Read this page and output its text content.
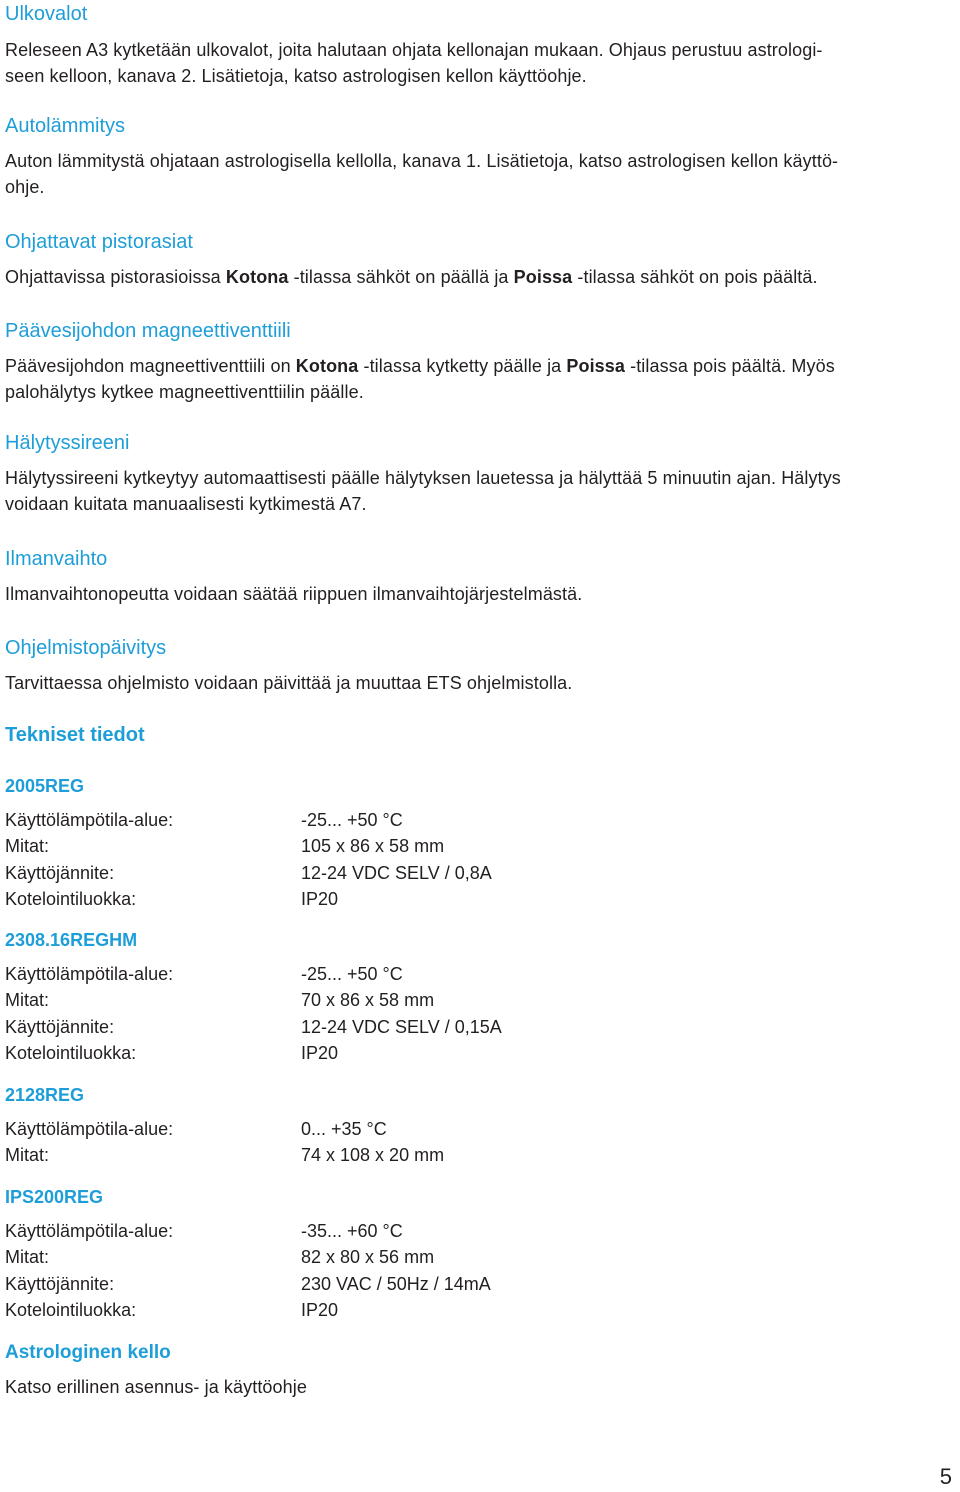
Ulkovalot

Releseen A3 kytketään ulkovalot, joita halutaan ohjata kellonajan mukaan. Ohjaus perustuu astrologi-

seen kelloon, kanava 2. Lisätietoja, katso astrologisen kellon käyttöohje.

Autolämmitys

Auton lämmitystä ohjataan astrologisella kellolla, kanava 1. Lisätietoja, katso astrologisen kellon käyttö-

ohje.

Ohjattavat pistorasiat

Ohjattavissa pistorasioissa Kotona -tilassa sähköt on päällä ja Poissa -tilassa sähköt on pois päältä.

Päävesijohdon magneettiventtiili

Päävesijohdon magneettiventtiili on Kotona -tilassa kytketty päälle ja Poissa -tilassa pois päältä. Myös

palohälytys kytkee magneettiventtiilin päälle.

Hälytyssireeni

Hälytyssireeni kytkeytyy automaattisesti päälle hälytyksen lauetessa ja hälyttää 5 minuutin ajan. Hälytys

voidaan kuitata manuaalisesti kytkimestä A7.

Ilmanvaihto

Ilmanvaihtonopeutta voidaan säätää riippuen ilmanvaihtojärjestelmästä.

Ohjelmistopäivitys

Tarvittaessa ohjelmisto voidaan päivittää ja muuttaa ETS ohjelmistolla.

Tekniset tiedot

2005REG

Käyttölämpötila-alue:	-25... +50 °C
Mitat:	105 x 86 x 58 mm
Käyttöjännite:	12-24 VDC SELV / 0,8A
Kotelointiluokka:	IP20

2308.16REGHM

Käyttölämpötila-alue:	-25... +50 °C
Mitat:	70 x 86 x 58 mm
Käyttöjännite:	12-24 VDC SELV / 0,15A
Kotelointiluokka:	IP20

2128REG

Käyttölämpötila-alue:	0... +35 °C
Mitat:	74 x 108 x 20 mm

IPS200REG

Käyttölämpötila-alue:	-35... +60 °C
Mitat:	82 x 80 x 56 mm
Käyttöjännite:	230 VAC / 50Hz / 14mA
Kotelointiluokka:	IP20

Astrologinen kello

Katso erillinen asennus- ja käyttöohje

5
